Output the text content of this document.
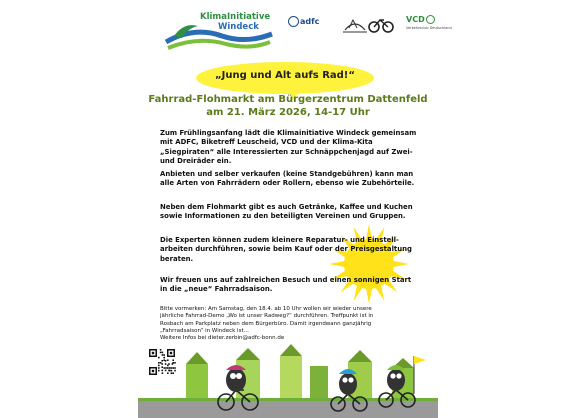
KlimaInitiative
Windeck
adfc	VCD
Verkehrsclub Deutschland
„Jung und Alt aufs Rad!“
Fahrrad-Flohmarkt am Bürgerzentrum Dattenfeld
am 21. März 2026, 14-17 Uhr
Zum Frühlingsanfang lädt die Klimainitiative Windeck gemeinsam mit ADFC, Biketreff Leuscheid, VCD und der Klima-Kita „Siegpiraten“ alle Interessierten zur Schnäppchenjagd auf Zwei- und Dreiräder ein.
Anbieten und selber verkaufen (keine Standgebühren) kann man alle Arten von Fahrrädern oder Rollern, ebenso wie Zubehörteile.
Neben dem Flohmarkt gibt es auch Getränke, Kaffee und Kuchen sowie Informationen zu den beteiligten Vereinen und Gruppen.
Die Experten können zudem kleinere Reparatur- und Einstell-arbeiten durchführen, sowie beim Kauf oder der Preisgestaltung beraten.
Wir freuen uns auf zahlreichen Besuch und einen sonnigen Start in die „neue“ Fahrradsaison.
Bitte vormerken: Am Samstag, den 18.4. ab 10 Uhr wollen wir wieder unsere jährliche Fahrrad-Demo „Wo ist unser Radweg?“ durchführen. Treffpunkt ist in Rosbach am Parkplatz neben dem Bürgerbüro. Damit irgendwann ganzjährig „Fahrradsaison“ in Windeck ist...
Weitere Infos bei dieter.zerbin@adfc-bonn.de
